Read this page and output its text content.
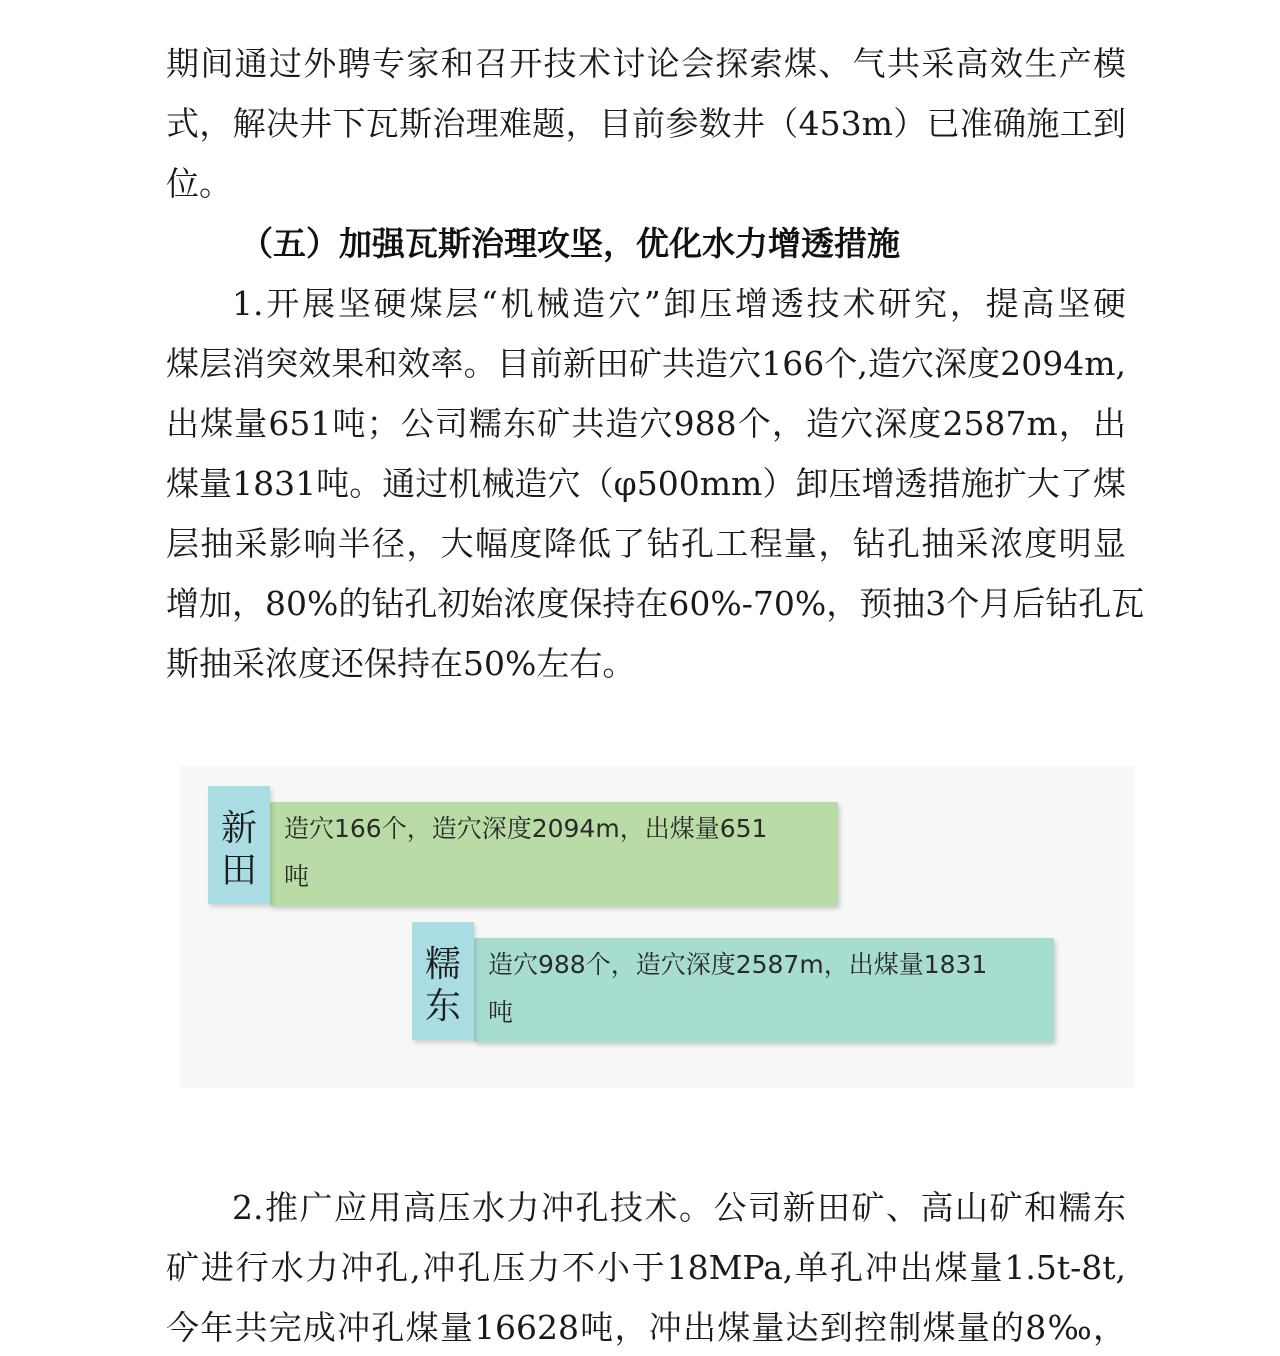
期间通过外聘专家和召开技术讨论会探索煤、气共采高效生产模
式，解决井下瓦斯治理难题，目前参数井（453m）已准确施工到
位。
（五）加强瓦斯治理攻坚，优化水力增透措施
1.开展坚硬煤层“机械造穴”卸压增透技术研究，提高坚硬
煤层消突效果和效率。目前新田矿共造穴166个,造穴深度2094m,
出煤量651吨；公司糯东矿共造穴988个，造穴深度2587m，出
煤量1831吨。通过机械造穴（φ500mm）卸压增透措施扩大了煤
层抽采影响半径，大幅度降低了钻孔工程量，钻孔抽采浓度明显
增加，80%的钻孔初始浓度保持在60%-70%，预抽3个月后钻孔瓦
斯抽采浓度还保持在50%左右。
造穴166个，造穴深度2094m，出煤量651
吨
新
田
造穴988个，造穴深度2587m，出煤量1831
吨
糯
东
2.推广应用高压水力冲孔技术。公司新田矿、高山矿和糯东
矿进行水力冲孔,冲孔压力不小于18MPa,单孔冲出煤量1.5t-8t,
今年共完成冲孔煤量16628吨，冲出煤量达到控制煤量的8‰，
